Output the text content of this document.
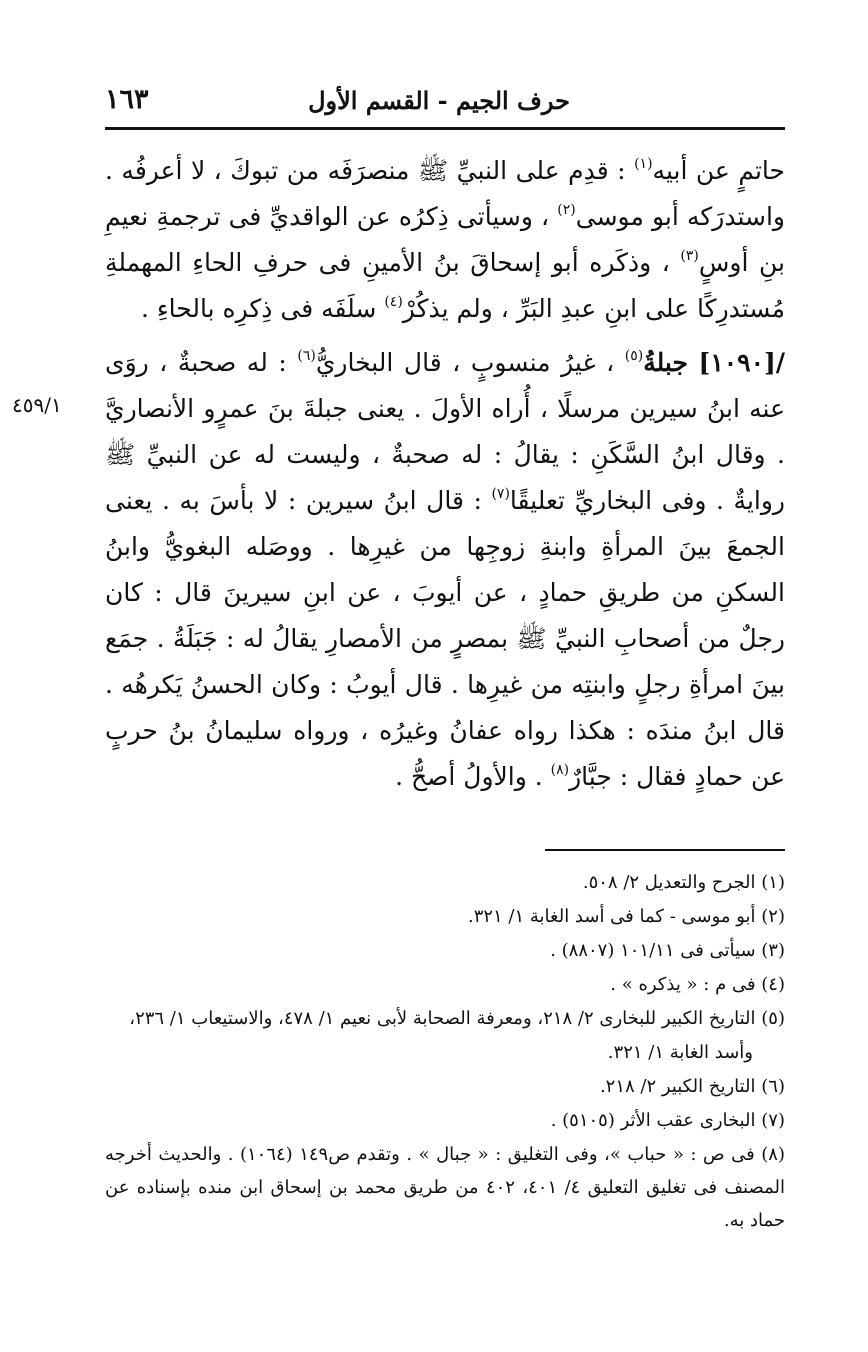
١٦٣	حرف الجيم - القسم الأول
٤٥٩/١

حاتمٍ عن أبيه$^{(١)}$ : قدِم على النبيِّ ﷺ منصرَفَه من تبوكَ ، لا أعرفُه . واستدرَكه أبو موسى$^{(٢)}$ ، وسيأتى ذِكرُه عن الواقديِّ فى ترجمةِ نعيمِ بنِ أوسٍ$^{(٣)}$ ، وذكَره أبو إسحاقَ بنُ الأمينِ فى حرفِ الحاءِ المهملةِ مُستدرِكًا على ابنِ عبدِ البَرِّ ، ولم يذكُرْ$^{(٤)}$ سلَفَه فى ذِكرِه بالحاءِ .

/[١٠٩٠] جبلةُ$^{(٥)}$ ، غيرُ منسوبٍ ، قال البخاريُّ$^{(٦)}$ : له صحبةٌ ، روَى عنه ابنُ سيرين مرسلًا ، أُراه الأولَ . يعنى جبلةَ بنَ عمرٍو الأنصاريَّ . وقال ابنُ السَّكَنِ : يقالُ : له صحبةٌ ، وليست له عن النبيِّ ﷺ روايةٌ . وفى البخاريِّ تعليقًا$^{(٧)}$ : قال ابنُ سيرين : لا بأسَ به . يعنى الجمعَ بينَ المرأةِ وابنةِ زوجِها من غيرِها . ووصَله البغويُّ وابنُ السكنِ من طريقِ حمادٍ ، عن أيوبَ ، عن ابنِ سيرينَ قال : كان رجلٌ من أصحابِ النبيِّ ﷺ بمصرٍ من الأمصارِ يقالُ له : جَبَلَةُ . جمَع بينَ امرأةِ رجلٍ وابنتِه من غيرِها . قال أيوبُ : وكان الحسنُ يَكرهُه . قال ابنُ مندَه : هكذا رواه عفانُ وغيرُه ، ورواه سليمانُ بنُ حربٍ عن حمادٍ فقال : جبَّارٌ$^{(٨)}$ . والأولُ أصحُّ .

(١) الجرح والتعديل ٢/ ٥٠٨.

(٢) أبو موسى - كما فى أسد الغابة ١/ ٣٢١.

(٣) سيأتى فى ١٠١/١١ (٨٨٠٧) .

(٤) فى م : « يذكره » .

(٥) التاريخ الكبير للبخارى ٢/ ٢١٨، ومعرفة الصحابة لأبى نعيم ١/ ٤٧٨، والاستيعاب ١/ ٢٣٦،

وأسد الغابة ١/ ٣٢١.

(٦) التاريخ الكبير ٢/ ٢١٨.

(٧) البخارى عقب الأثر (٥١٠٥) .

(٨) فى ص : « حباب »، وفى التغليق : « جبال » . وتقدم ص١٤٩ (١٠٦٤) . والحديث أخرجه المصنف فى تغليق التعليق ٤/ ٤٠١، ٤٠٢ من طريق محمد بن إسحاق ابن منده بإسناده عن حماد به.
